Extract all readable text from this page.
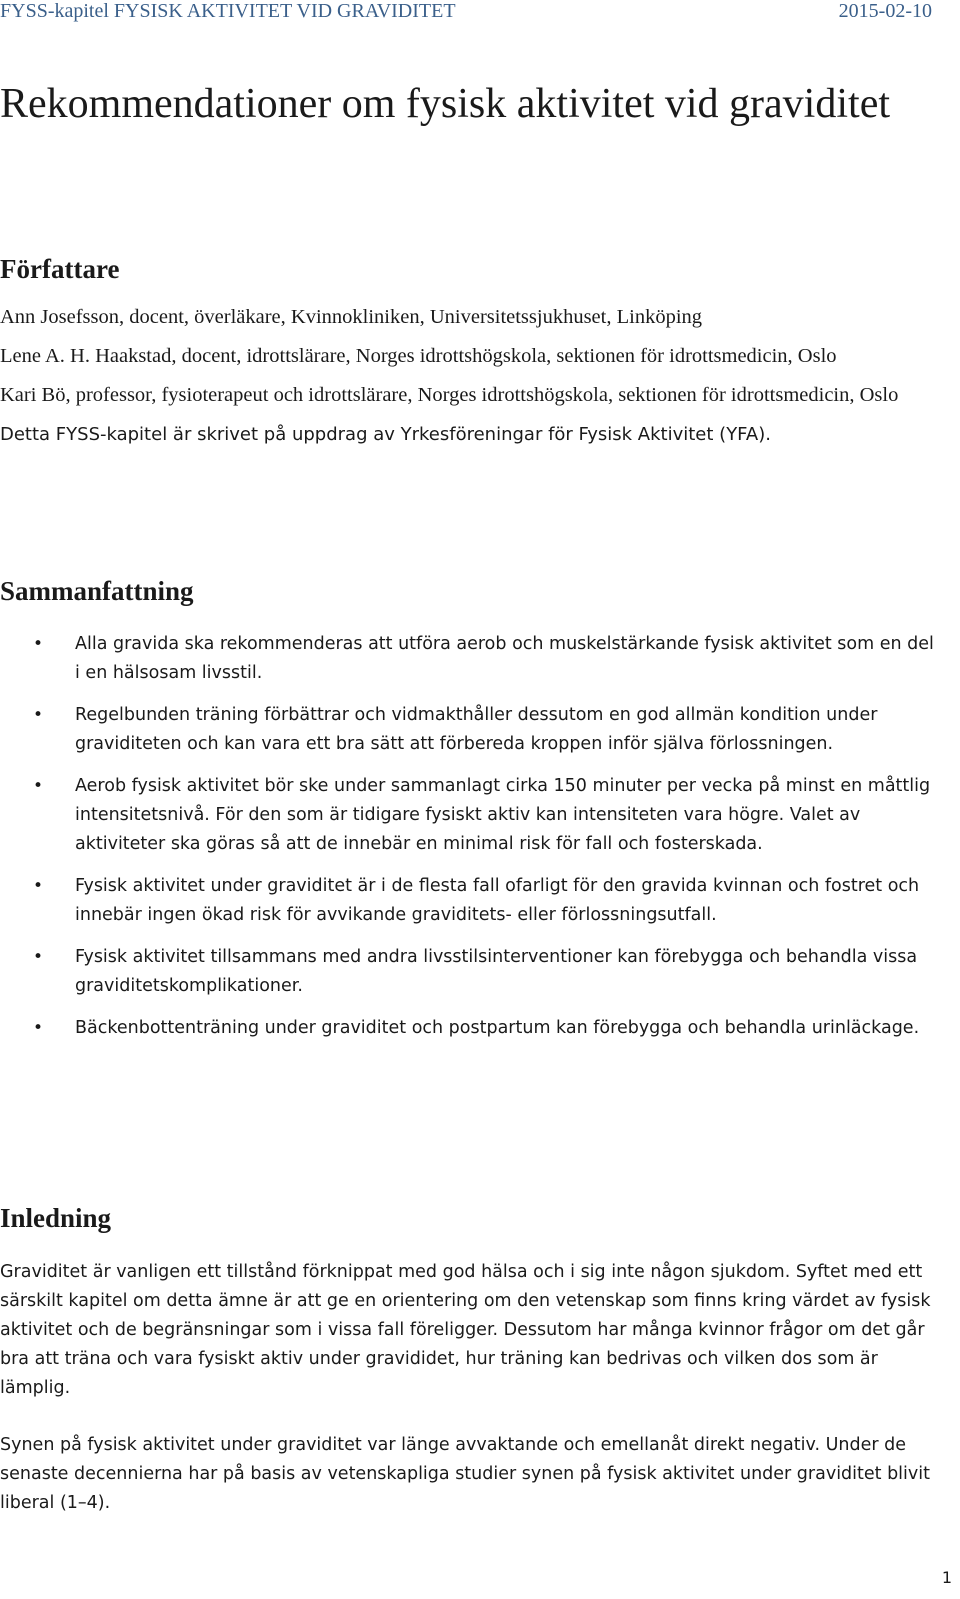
FYSS-kapitel FYSISK AKTIVITET VID GRAVIDITET	2015-02-10
Rekommendationer om fysisk aktivitet vid graviditet
Författare

Ann Josefsson, docent, överläkare, Kvinnokliniken, Universitetssjukhuset, Linköping

Lene A. H. Haakstad, docent, idrottslärare, Norges idrottshögskola, sektionen för idrottsmedicin, Oslo

Kari Bö, professor, fysioterapeut och idrottslärare, Norges idrottshögskola, sektionen för idrottsmedicin, Oslo

Detta FYSS-kapitel är skrivet på uppdrag av Yrkesföreningar för Fysisk Aktivitet (YFA).

Sammanfattning
• Alla gravida ska rekommenderas att utföra aerob och muskelstärkande fysisk aktivitet som en del i en hälsosam livsstil.
• Regelbunden träning förbättrar och vidmakthåller dessutom en god allmän kondition under graviditeten och kan vara ett bra sätt att förbereda kroppen inför själva förlossningen.
• Aerob fysisk aktivitet bör ske under sammanlagt cirka 150 minuter per vecka på minst en måttlig intensitetsnivå. För den som är tidigare fysiskt aktiv kan intensiteten vara högre. Valet av aktiviteter ska göras så att de innebär en minimal risk för fall och fosterskada.
• Fysisk aktivitet under graviditet är i de flesta fall ofarligt för den gravida kvinnan och fostret och innebär ingen ökad risk för avvikande graviditets- eller förlossningsutfall.
• Fysisk aktivitet tillsammans med andra livsstilsinterventioner kan förebygga och behandla vissa graviditetskomplikationer.
• Bäckenbottenträning under graviditet och postpartum kan förebygga och behandla urinläckage.
Inledning

Graviditet är vanligen ett tillstånd förknippat med god hälsa och i sig inte någon sjukdom. Syftet med ett särskilt kapitel om detta ämne är att ge en orientering om den vetenskap som finns kring värdet av fysisk aktivitet och de begränsningar som i vissa fall föreligger. Dessutom har många kvinnor frågor om det går bra att träna och vara fysiskt aktiv under gravididet, hur träning kan bedrivas och vilken dos som är lämplig.

Synen på fysisk aktivitet under graviditet var länge avvaktande och emellanåt direkt negativ. Under de senaste decennierna har på basis av vetenskapliga studier synen på fysisk aktivitet under graviditet blivit liberal (1–4).

1
